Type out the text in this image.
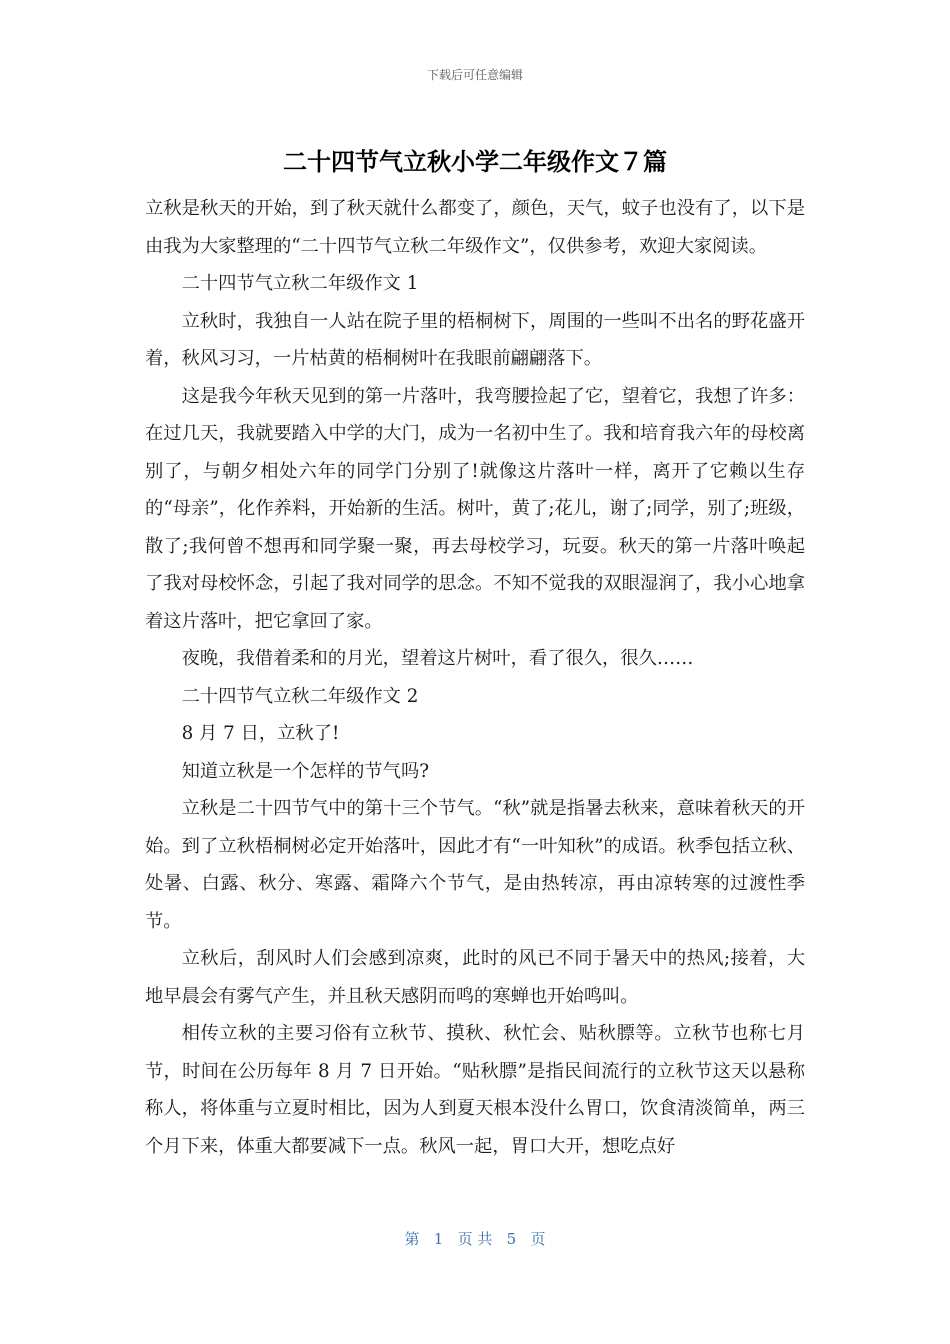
下载后可任意编辑
二十四节气立秋小学二年级作文７篇

立秋是秋天的开始，到了秋天就什么都变了，颜色，天气，蚊子也没有了，以下是由我为大家整理的“二十四节气立秋二年级作文”，仅供参考，欢迎大家阅读。

二十四节气立秋二年级作文 1

立秋时，我独自一人站在院子里的梧桐树下，周围的一些叫不出名的野花盛开着，秋风习习，一片枯黄的梧桐树叶在我眼前翩翩落下。

这是我今年秋天见到的第一片落叶，我弯腰捡起了它，望着它，我想了许多：在过几天，我就要踏入中学的大门，成为一名初中生了。我和培育我六年的母校离别了，与朝夕相处六年的同学门分别了!就像这片落叶一样，离开了它赖以生存的“母亲”，化作养料，开始新的生活。树叶，黄了;花儿，谢了;同学，别了;班级，散了;我何曾不想再和同学聚一聚，再去母校学习，玩耍。秋天的第一片落叶唤起了我对母校怀念，引起了我对同学的思念。不知不觉我的双眼湿润了，我小心地拿着这片落叶，把它拿回了家。

夜晚，我借着柔和的月光，望着这片树叶，看了很久，很久……

二十四节气立秋二年级作文 2

8 月 7 日，立秋了!

知道立秋是一个怎样的节气吗?

立秋是二十四节气中的第十三个节气。“秋”就是指暑去秋来，意味着秋天的开始。到了立秋梧桐树必定开始落叶，因此才有“一叶知秋”的成语。秋季包括立秋、处暑、白露、秋分、寒露、霜降六个节气，是由热转凉，再由凉转寒的过渡性季节。

立秋后，刮风时人们会感到凉爽，此时的风已不同于暑天中的热风;接着，大地早晨会有雾气产生，并且秋天感阴而鸣的寒蝉也开始鸣叫。

相传立秋的主要习俗有立秋节、摸秋、秋忙会、贴秋膘等。立秋节也称七月节，时间在公历每年 8 月 7 日开始。“贴秋膘”是指民间流行的立秋节这天以悬称称人，将体重与立夏时相比，因为人到夏天根本没什么胃口，饮食清淡简单，两三个月下来，体重大都要减下一点。秋风一起，胃口大开，想吃点好

第   1   页 共   5   页
